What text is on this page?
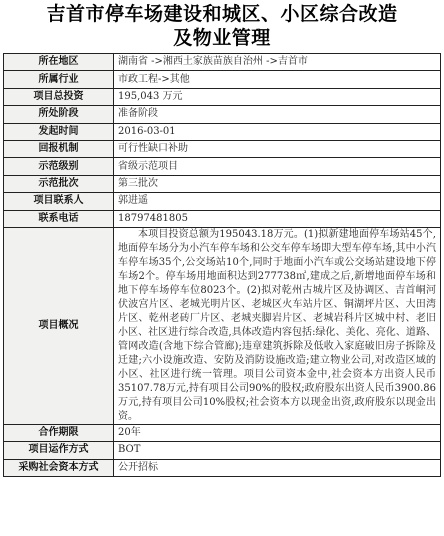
吉首市停车场建设和城区、小区综合改造
及物业管理
所在地区	湖南省 ->湘西土家族苗族自治州 ->吉首市
所属行业	市政工程->其他
项目总投资	195,043 万元
所处阶段	准备阶段
发起时间	2016-03-01
回报机制	可行性缺口补助
示范级别	省级示范项目
示范批次	第三批次
项目联系人	郭进遥
联系电话	18797481805
项目概况	本项目投资总额为195043.18万元。(1)拟新建地面停车场站45个,地面停车场分为小汽车停车场和公交车停车场即大型车停车场,其中小汽车停车场35个,公交场站10个,同时于地面小汽车或公交场站建设地下停车场2个。停车场用地面积达到277738㎡,建成之后,新增地面停车场和地下停车场停车位8023个。(2)拟对乾州古城片区及协调区、吉首峒河伏波宫片区、老城光明片区、老城区火车站片区、铜湖坪片区、大田湾片区、乾州老砖厂片区、老城夹脚岩片区、老城岩科片区城中村、老旧小区、社区进行综合改造,具体改造内容包括:绿化、美化、亮化、道路、管网改造(含地下综合管廊);违章建筑拆除及低收入家庭破旧房子拆除及迁建;六小设施改造、安防及消防设施改造;建立物业公司,对改造区域的小区、社区进行统一管理。项目公司资本金中,社会资本方出资人民币35107.78万元,持有项目公司90%的股权;政府股东出资人民币3900.86万元,持有项目公司10%股权;社会资本方以现金出资,政府股东以现金出资。
合作期限	20年
项目运作方式	BOT
采购社会资本方式	公开招标
